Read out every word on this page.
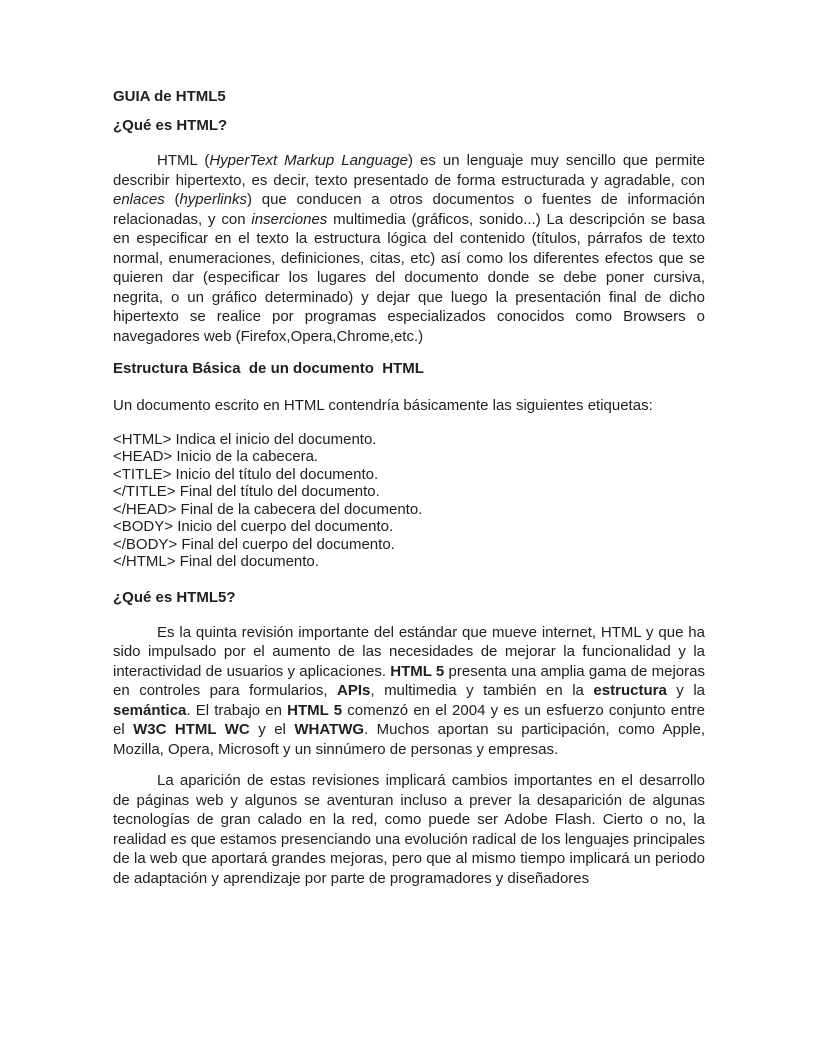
GUIA de HTML5
¿Qué es HTML?

HTML (HyperText Markup Language) es un lenguaje muy sencillo que permite describir hipertexto, es decir, texto presentado de forma estructurada y agradable, con enlaces (hyperlinks) que conducen a otros documentos o fuentes de información relacionadas, y con inserciones multimedia (gráficos, sonido...) La descripción se basa en especificar en el texto la estructura lógica del contenido (títulos, párrafos de texto normal, enumeraciones, definiciones, citas, etc) así como los diferentes efectos que se quieren dar (especificar los lugares del documento donde se debe poner cursiva, negrita, o un gráfico determinado) y dejar que luego la presentación final de dicho hipertexto se realice por programas especializados conocidos como Browsers o navegadores web (Firefox,Opera,Chrome,etc.)

Estructura Básica  de un documento  HTML

Un documento escrito en HTML contendría básicamente las siguientes etiquetas:

<HTML> Indica el inicio del documento.
<HEAD> Inicio de la cabecera.
<TITLE> Inicio del título del documento.
</TITLE> Final del título del documento.
</HEAD> Final de la cabecera del documento.
<BODY> Inicio del cuerpo del documento.
</BODY> Final del cuerpo del documento.
</HTML> Final del documento.
¿Qué es HTML5?

Es la quinta revisión importante del estándar que mueve internet, HTML y que ha sido impulsado por el aumento de las necesidades de mejorar la funcionalidad y la interactividad de usuarios y aplicaciones. HTML 5 presenta una amplia gama de mejoras en controles para formularios, APIs, multimedia y también en la estructura y la semántica. El trabajo en HTML 5 comenzó en el 2004 y es un esfuerzo conjunto entre el W3C HTML WC y el WHATWG. Muchos aportan su participación, como Apple, Mozilla, Opera, Microsoft y un sinnúmero de personas y empresas.

La aparición de estas revisiones implicará cambios importantes en el desarrollo de páginas web y algunos se aventuran incluso a prever la desaparición de algunas tecnologías de gran calado en la red, como puede ser Adobe Flash. Cierto o no, la realidad es que estamos presenciando una evolución radical de los lenguajes principales de la web que aportará grandes mejoras, pero que al mismo tiempo implicará un periodo de adaptación y aprendizaje por parte de programadores y diseñadores
